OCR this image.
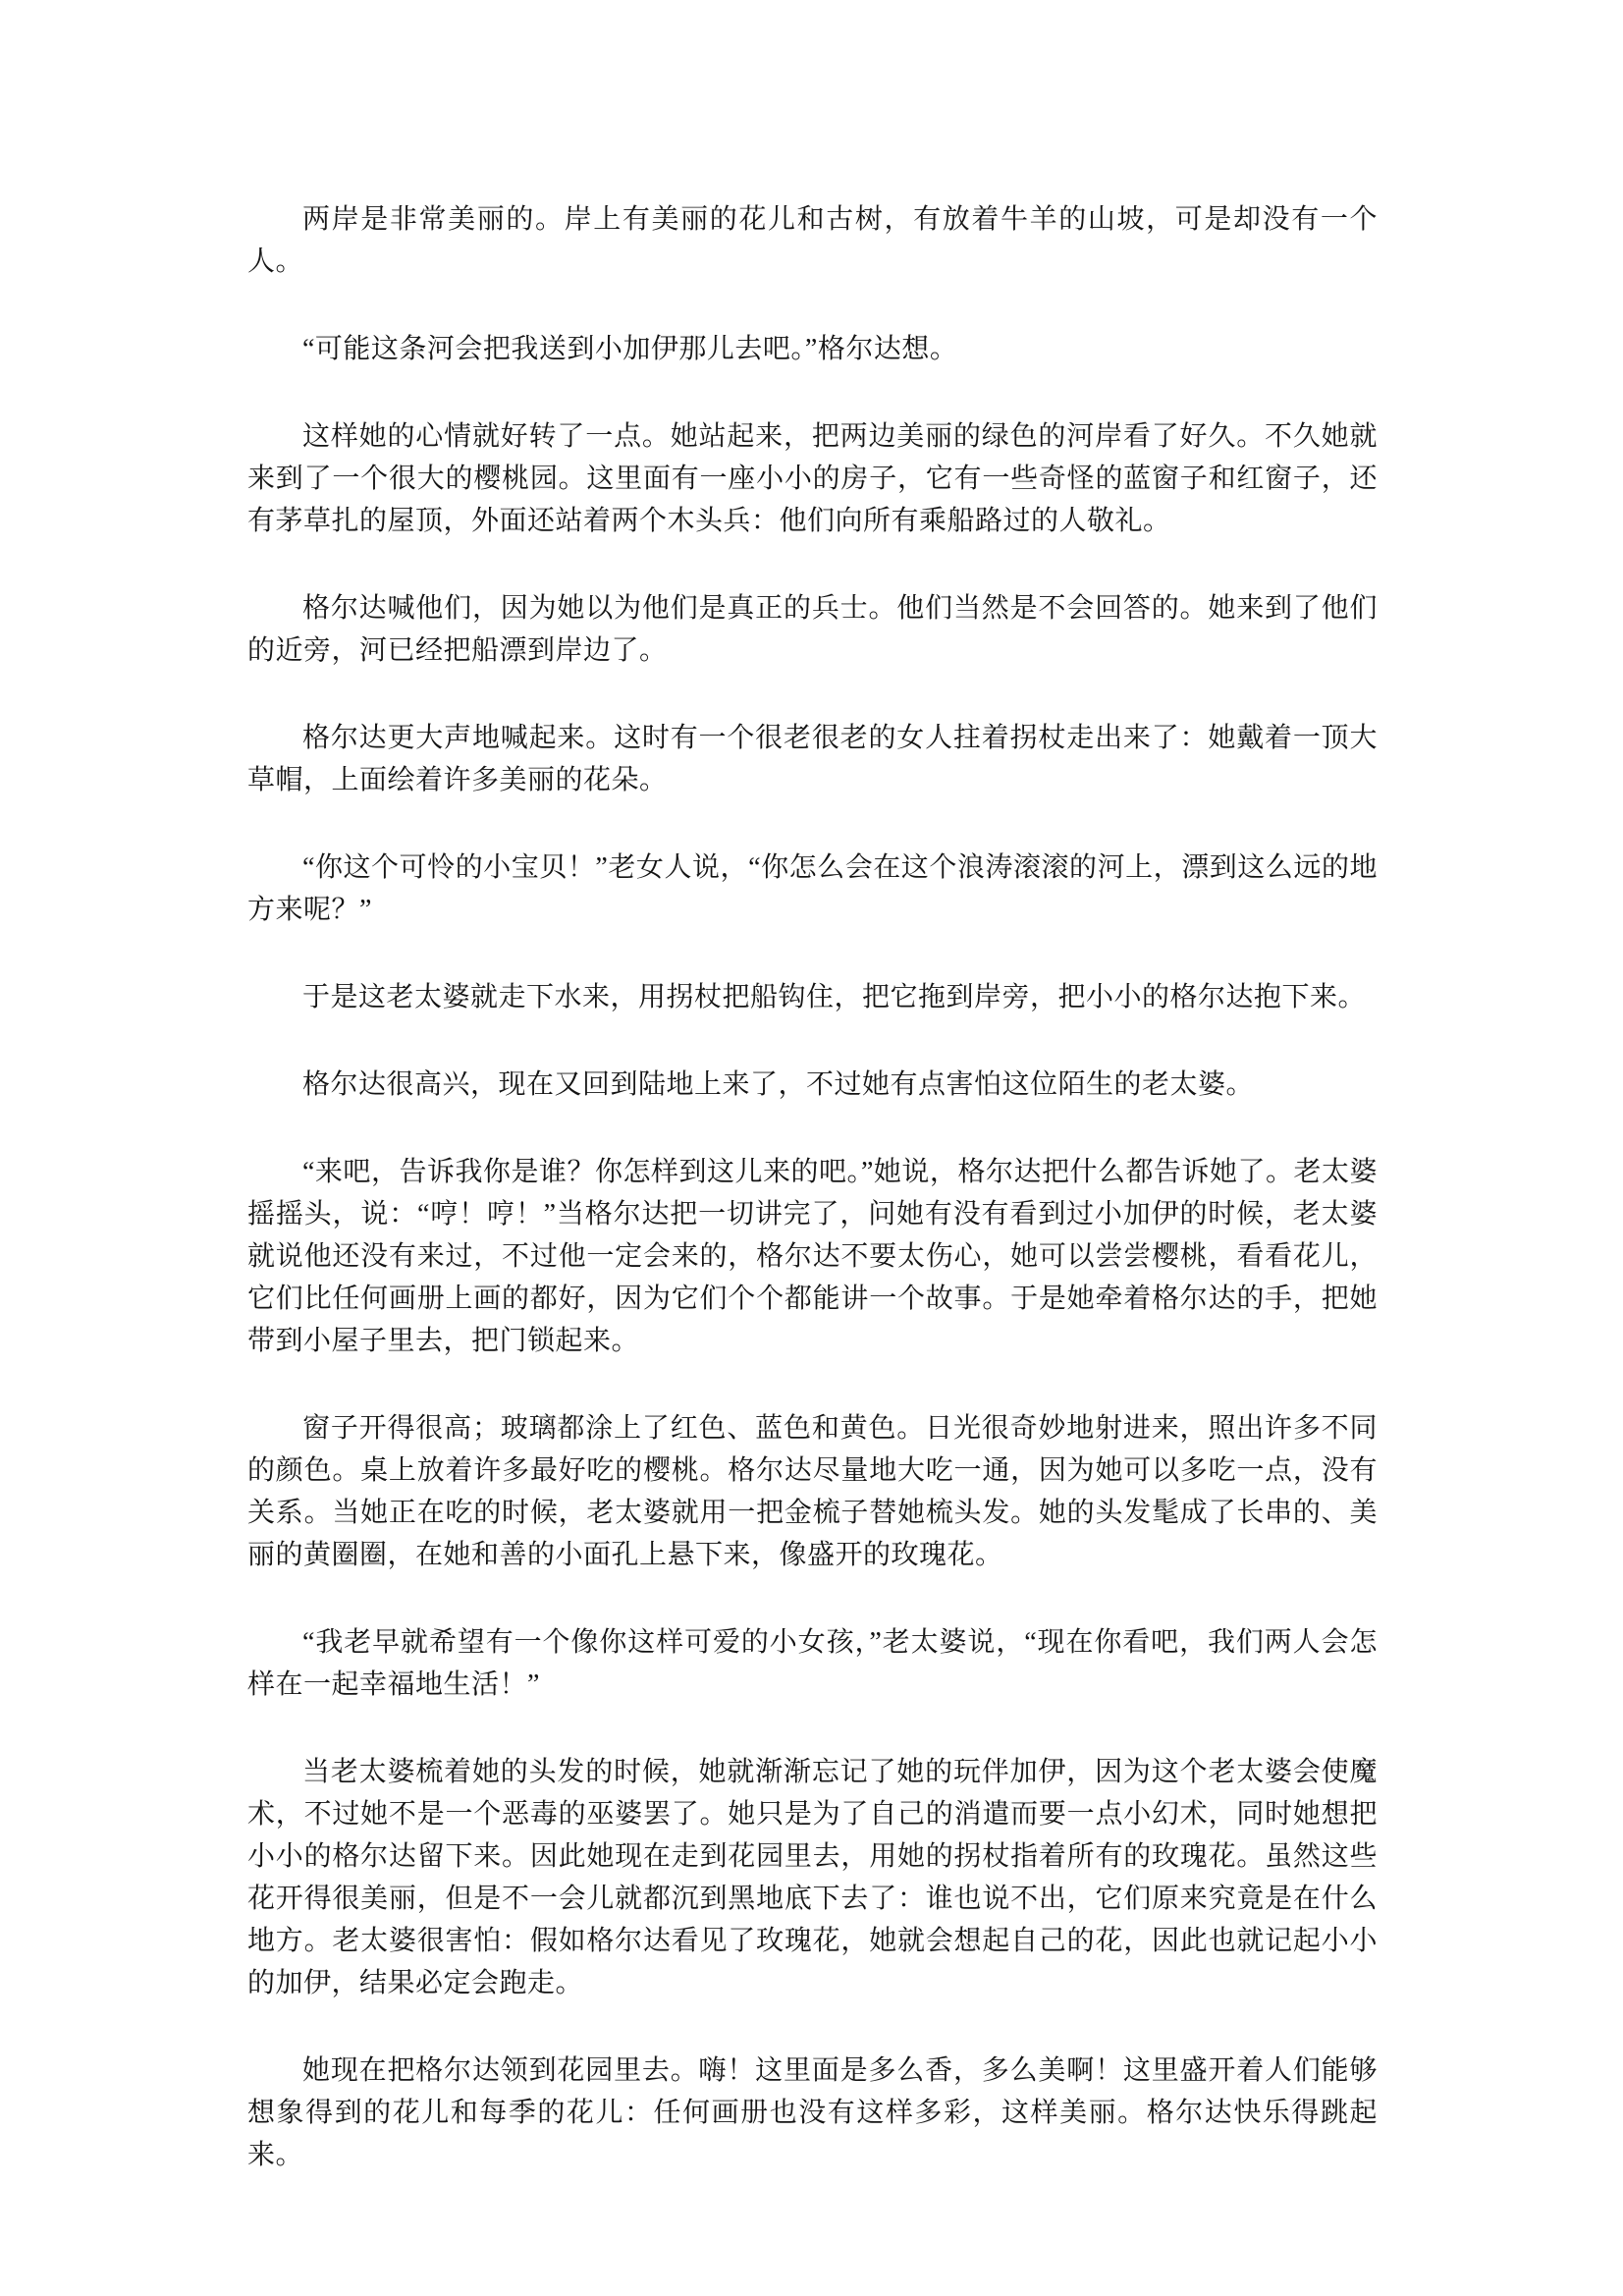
两岸是非常美丽的。岸上有美丽的花儿和古树，有放着牛羊的山坡，可是却没有一个人。

“可能这条河会把我送到小加伊那儿去吧。”格尔达想。

这样她的心情就好转了一点。她站起来，把两边美丽的绿色的河岸看了好久。不久她就来到了一个很大的樱桃园。这里面有一座小小的房子，它有一些奇怪的蓝窗子和红窗子，还有茅草扎的屋顶，外面还站着两个木头兵：他们向所有乘船路过的人敬礼。

格尔达喊他们，因为她以为他们是真正的兵士。他们当然是不会回答的。她来到了他们的近旁，河已经把船漂到岸边了。

格尔达更大声地喊起来。这时有一个很老很老的女人拄着拐杖走出来了：她戴着一顶大草帽，上面绘着许多美丽的花朵。

“你这个可怜的小宝贝！”老女人说，“你怎么会在这个浪涛滚滚的河上，漂到这么远的地方来呢？”

于是这老太婆就走下水来，用拐杖把船钩住，把它拖到岸旁，把小小的格尔达抱下来。

格尔达很高兴，现在又回到陆地上来了，不过她有点害怕这位陌生的老太婆。

“来吧，告诉我你是谁？你怎样到这儿来的吧。”她说，格尔达把什么都告诉她了。老太婆摇摇头，说：“哼！哼！”当格尔达把一切讲完了，问她有没有看到过小加伊的时候，老太婆就说他还没有来过，不过他一定会来的，格尔达不要太伤心，她可以尝尝樱桃，看看花儿，它们比任何画册上画的都好，因为它们个个都能讲一个故事。于是她牵着格尔达的手，把她带到小屋子里去，把门锁起来。

窗子开得很高；玻璃都涂上了红色、蓝色和黄色。日光很奇妙地射进来，照出许多不同的颜色。桌上放着许多最好吃的樱桃。格尔达尽量地大吃一通，因为她可以多吃一点，没有关系。当她正在吃的时候，老太婆就用一把金梳子替她梳头发。她的头发髦成了长串的、美丽的黄圈圈，在她和善的小面孔上悬下来，像盛开的玫瑰花。

“我老早就希望有一个像你这样可爱的小女孩，”老太婆说，“现在你看吧，我们两人会怎样在一起幸福地生活！”

当老太婆梳着她的头发的时候，她就渐渐忘记了她的玩伴加伊，因为这个老太婆会使魔术，不过她不是一个恶毒的巫婆罢了。她只是为了自己的消遣而要一点小幻术，同时她想把小小的格尔达留下来。因此她现在走到花园里去，用她的拐杖指着所有的玫瑰花。虽然这些花开得很美丽，但是不一会儿就都沉到黑地底下去了：谁也说不出，它们原来究竟是在什么地方。老太婆很害怕：假如格尔达看见了玫瑰花，她就会想起自己的花，因此也就记起小小的加伊，结果必定会跑走。

她现在把格尔达领到花园里去。嗨！这里面是多么香，多么美啊！这里盛开着人们能够想象得到的花儿和每季的花儿：任何画册也没有这样多彩，这样美丽。格尔达快乐得跳起来。
